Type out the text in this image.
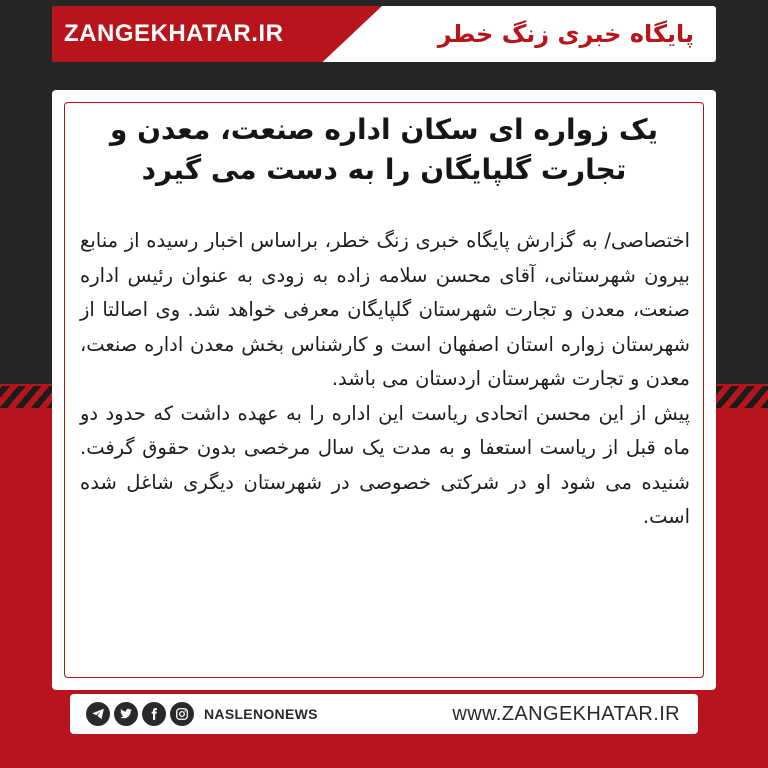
ZANGEKHATAR.IR	پایگاه خبری زنگ خطر
یک زواره ای سکان اداره صنعت، معدن و تجارت گلپایگان را به دست می گیرد

اختصاصی/ به گزارش پایگاه خبری زنگ خطر، براساس اخبار رسیده از منابع بیرون شهرستانی، آقای محسن سلامه زاده به زودی به عنوان رئیس اداره صنعت، معدن و تجارت شهرستان گلپایگان معرفی خواهد شد. وی اصالتا از شهرستان زواره استان اصفهان است و کارشناس بخش معدن اداره صنعت، معدن و تجارت شهرستان اردستان می باشد.

پیش از این محسن اتحادی ریاست این اداره را به عهده داشت که حدود دو ماه قبل از ریاست استعفا و به مدت یک سال مرخصی بدون حقوق گرفت. شنیده می شود او در شرکتی خصوصی در شهرستان دیگری شاغل شده است.

NASLENONEWS	www.ZANGEKHATAR.IR
